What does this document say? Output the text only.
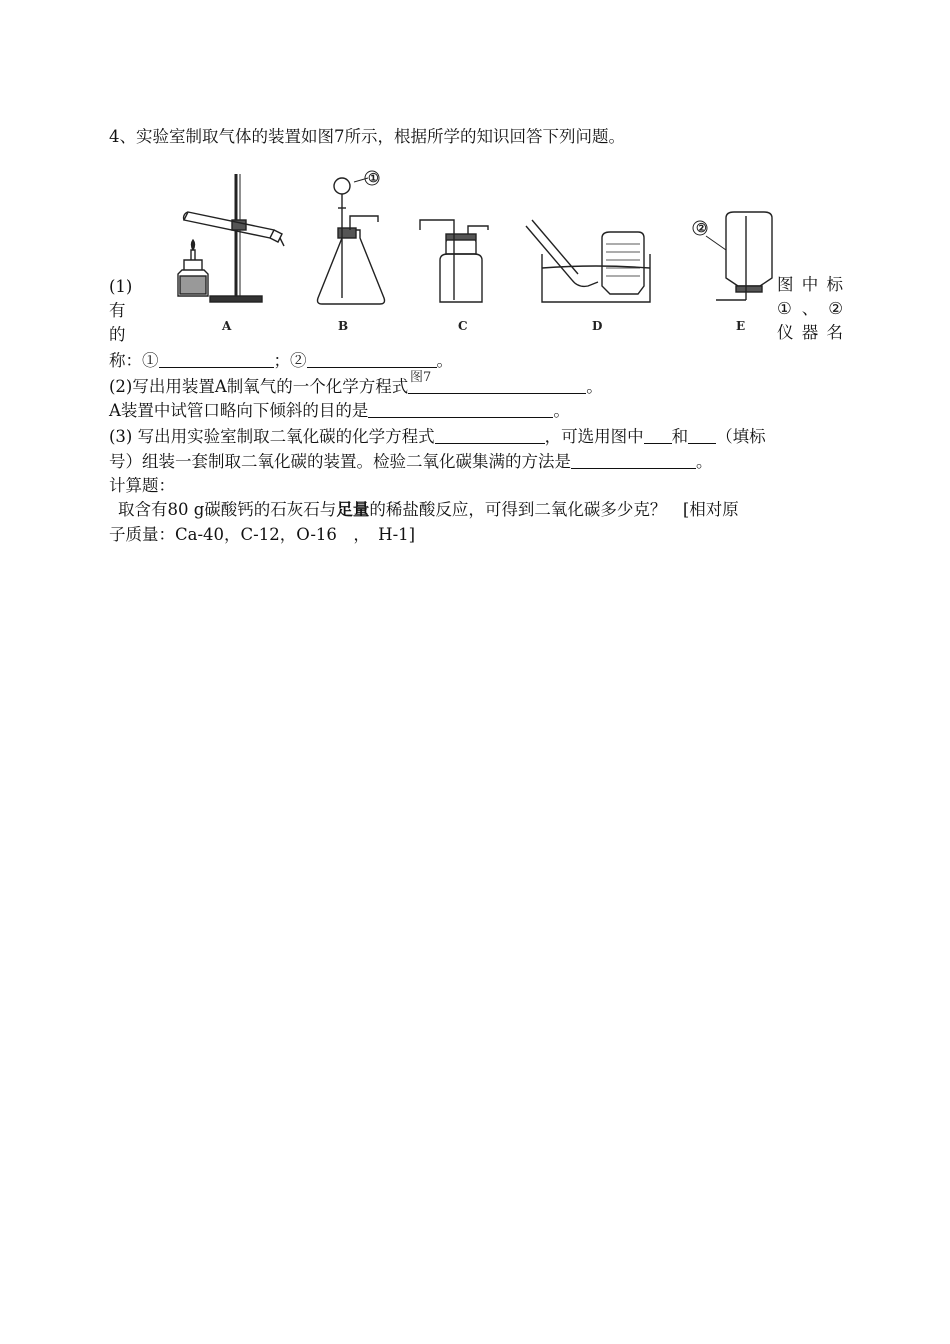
4、实验室制取气体的装置如图7所示，根据所学的知识回答下列问题。
①
②
A	B	C	D	E
(1)
有
的
图中标
①、②
仪器名
称：①	；②	。
图7
(2)写出用装置A制氧气的一个化学方程式	。
A装置中试管口略向下倾斜的目的是	。
(3) 写出用实验室制取二氧化碳的化学方程式	，可选用图中 和 （填标
号）组装一套制取二氧化碳的装置。检验二氧化碳集满的方法是	。
计算题：
取含有80 g碳酸钙的石灰石与足量的稀盐酸反应，可得到二氧化碳多少克？　[相对原
子质量：Ca-40，C-12，O-16　，　H-1]
